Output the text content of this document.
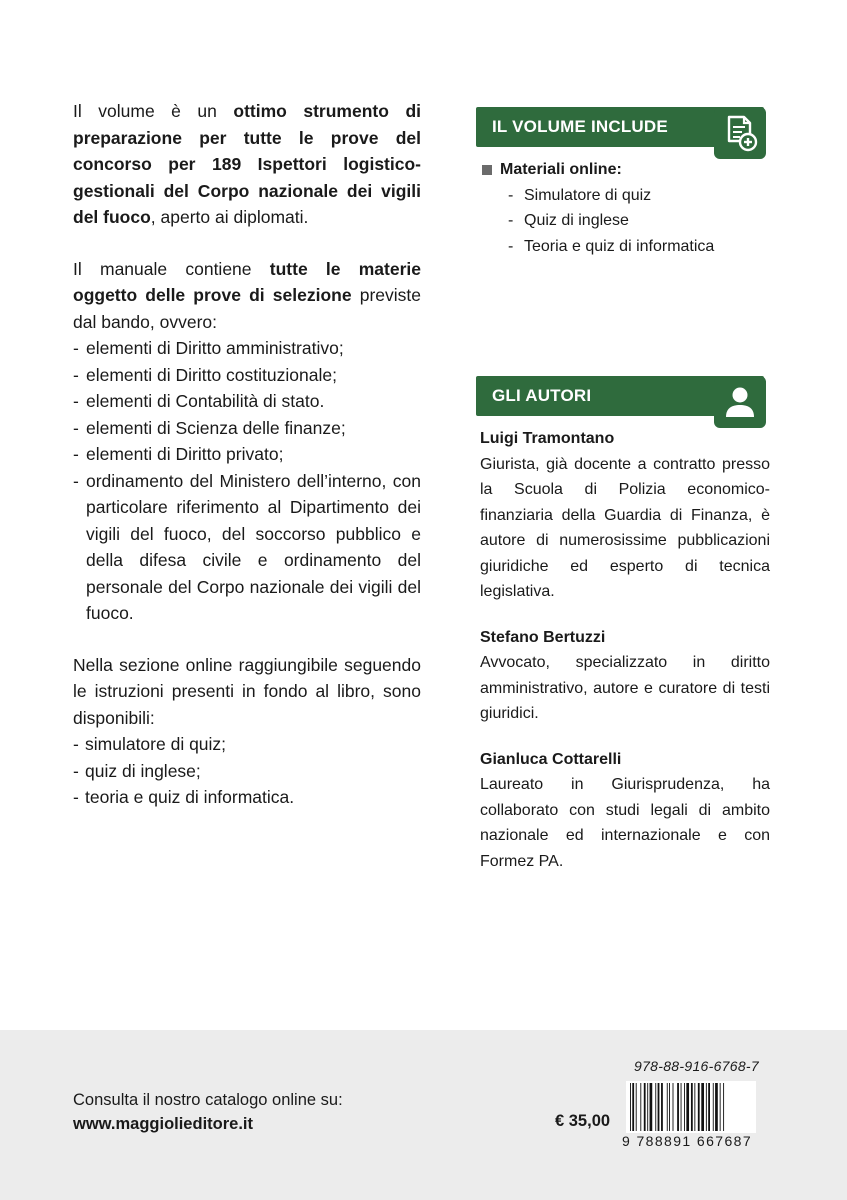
Il volume è un ottimo strumento di preparazione per tutte le prove del concorso per 189 Ispettori logistico-gestionali del Corpo nazionale dei vigili del fuoco, aperto ai diplomati.

Il manuale contiene tutte le materie oggetto delle prove di selezione previste dal bando, ovvero:

- elementi di Diritto amministrativo;
- elementi di Diritto costituzionale;
- elementi di Contabilità di stato.
- elementi di Scienza delle finanze;
- elementi di Diritto privato;
- ordinamento del Ministero dell’interno, con particolare riferimento al Dipartimento dei vigili del fuoco, del soccorso pubblico e della difesa civile e ordinamento del personale del Corpo nazionale dei vigili del fuoco.

Nella sezione online raggiungibile seguendo le istruzioni presenti in fondo al libro, sono disponibili:

- simulatore di quiz;
- quiz di inglese;
- teoria e quiz di informatica.
IL VOLUME INCLUDE
Materiali online:
- Simulatore di quiz
- Quiz di inglese
- Teoria e quiz di informatica
GLI AUTORI
Luigi Tramontano

Giurista, già docente a contratto presso la Scuola di Polizia economico-finanziaria della Guardia di Finanza, è autore di numerosissime pubblicazioni giuridiche ed esperto di tecnica legislativa.

Stefano Bertuzzi

Avvocato, specializzato in diritto amministrativo, autore e curatore di testi giuridici.

Gianluca Cottarelli

Laureato in Giurisprudenza, ha collaborato con studi legali di ambito nazionale ed internazionale e con Formez PA.

Consulta il nostro catalogo online su:
www.maggiolieditore.it	€ 35,00
978-88-916-6768-7
9 788891 667687
